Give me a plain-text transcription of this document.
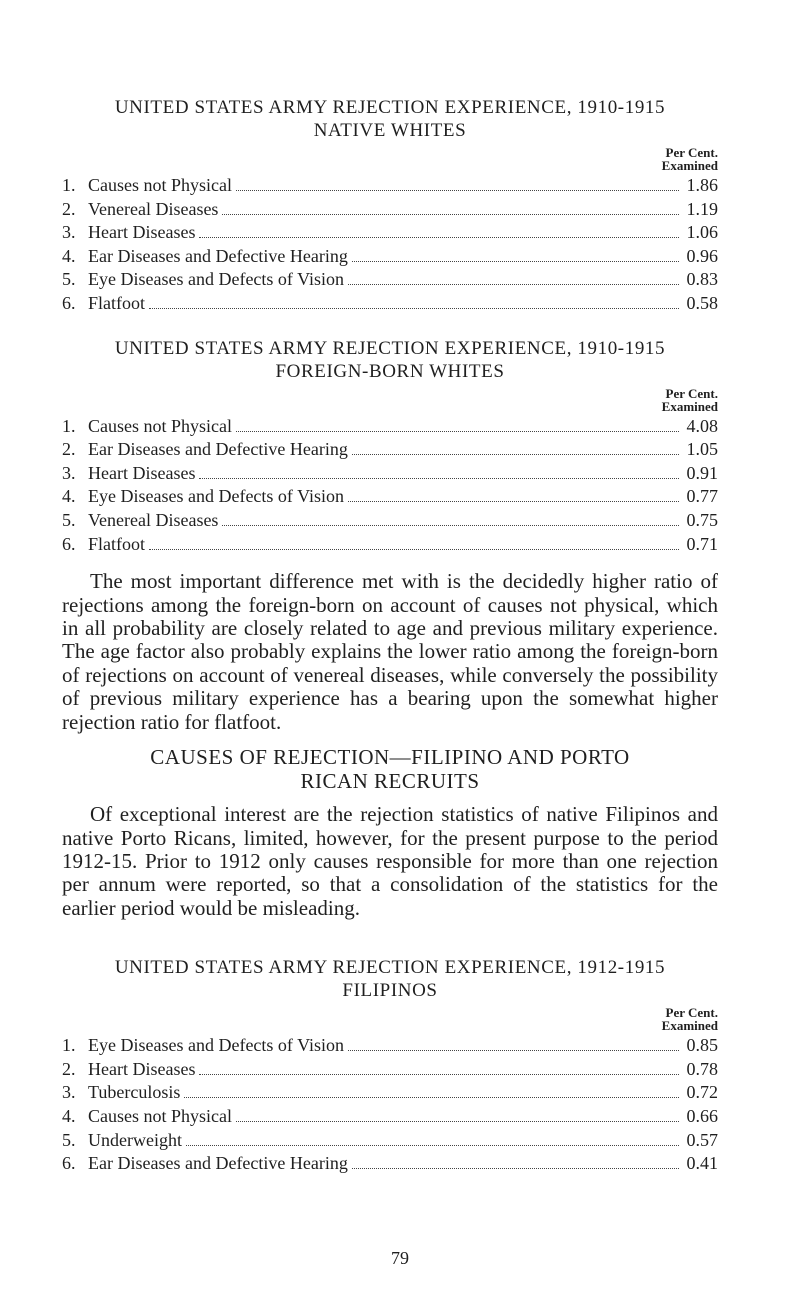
UNITED STATES ARMY REJECTION EXPERIENCE, 1910-1915
NATIVE WHITES
Per Cent.
Examined
1. Causes not Physical	1.86
2. Venereal Diseases	1.19
3. Heart Diseases	1.06
4. Ear Diseases and Defective Hearing	0.96
5. Eye Diseases and Defects of Vision	0.83
6. Flatfoot	0.58
UNITED STATES ARMY REJECTION EXPERIENCE, 1910-1915
FOREIGN-BORN WHITES
Per Cent.
Examined
1. Causes not Physical	4.08
2. Ear Diseases and Defective Hearing	1.05
3. Heart Diseases	0.91
4. Eye Diseases and Defects of Vision	0.77
5. Venereal Diseases	0.75
6. Flatfoot	0.71

The most important difference met with is the decidedly higher ratio of rejections among the foreign-born on account of causes not physical, which in all probability are closely related to age and previous military experience. The age factor also probably explains the lower ratio among the foreign-born of rejections on account of venereal diseases, while conversely the possibility of previous military experience has a bearing upon the somewhat higher rejection ratio for flatfoot.

CAUSES OF REJECTION—FILIPINO AND PORTO
RICAN RECRUITS

Of exceptional interest are the rejection statistics of native Filipinos and native Porto Ricans, limited, however, for the present purpose to the period 1912-15. Prior to 1912 only causes responsible for more than one rejection per annum were reported, so that a consolidation of the statistics for the earlier period would be misleading.

UNITED STATES ARMY REJECTION EXPERIENCE, 1912-1915
FILIPINOS
Per Cent.
Examined
1. Eye Diseases and Defects of Vision	0.85
2. Heart Diseases	0.78
3. Tuberculosis	0.72
4. Causes not Physical	0.66
5. Underweight	0.57
6. Ear Diseases and Defective Hearing	0.41
79
